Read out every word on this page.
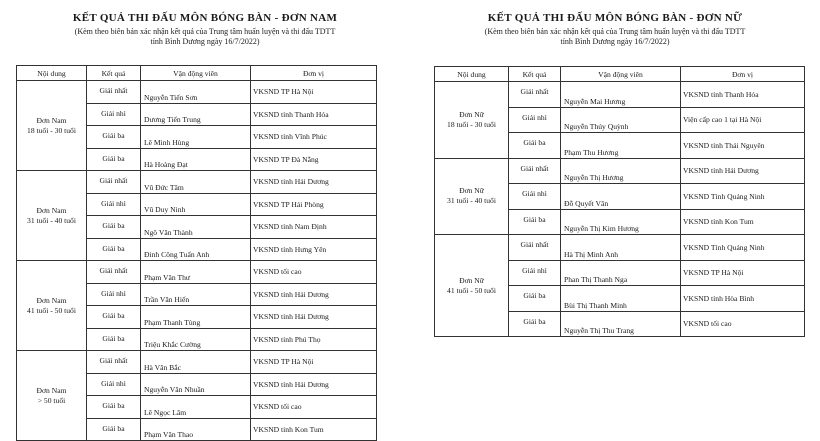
KẾT QUẢ THI ĐẤU MÔN BÓNG BÀN - ĐƠN NAM
(Kèm theo biên bản xác nhận kết quả của Trung tâm huấn luyện và thi đấu TDTT
tỉnh Bình Dương ngày 16/7/2022)
Nội dung	Kết quả	Vận động viên	Đơn vị

Đơn Nam
18 tuổi - 30 tuổi	Giải nhất	Nguyễn Tiến Sơn	VKSND TP Hà Nội
	Giải nhì	Dương Tiến Trung	VKSND tỉnh Thanh Hóa
	Giải ba	Lê Minh Hùng	VKSND tỉnh Vĩnh Phúc
	Giải ba	Hà Hoàng Đạt	VKSND TP Đà Nẵng

Đơn Nam
31 tuổi - 40 tuổi	Giải nhất	Vũ Đức Tâm	VKSND tỉnh Hải Dương
	Giải nhì	Vũ Duy Ninh	VKSND TP Hải Phòng
	Giải ba	Ngô Văn Thành	VKSND tỉnh Nam Định
	Giải ba	Đinh Công Tuấn Anh	VKSND tỉnh Hưng Yên

Đơn Nam
41 tuổi - 50 tuổi	Giải nhất	Phạm Văn Thư	VKSND tối cao
	Giải nhì	Trần Văn Hiến	VKSND tỉnh Hải Dương
	Giải ba	Phạm Thanh Tùng	VKSND tỉnh Hải Dương
	Giải ba	Triệu Khắc Cường	VKSND tỉnh Phú Thọ

Đơn Nam
> 50 tuổi	Giải nhất	Hà Văn Bắc	VKSND TP Hà Nội
	Giải nhì	Nguyễn Văn Nhuần	VKSND tỉnh Hải Dương
	Giải ba	Lê Ngọc Lâm	VKSND tối cao
	Giải ba	Phạm Văn Thao	VKSND tỉnh Kon Tum
KẾT QUẢ THI ĐẤU MÔN BÓNG BÀN - ĐƠN NỮ
(Kèm theo biên bản xác nhận kết quả của Trung tâm huấn luyện và thi đấu TDTT
tỉnh Bình Dương ngày 16/7/2022)
Nội dung	Kết quả	Vận động viên	Đơn vị

Đơn Nữ
18 tuổi - 30 tuổi	Giải nhất	Nguyễn Mai Hương	VKSND tỉnh Thanh Hóa
	Giải nhì	Nguyễn Thúy Quỳnh	Viện cấp cao 1 tại Hà Nội
	Giải ba	Phạm Thu Hương	VKSND tỉnh Thái Nguyên

Đơn Nữ
31 tuổi - 40 tuổi	Giải nhất	Nguyễn Thị Hương	VKSND tỉnh Hải Dương
	Giải nhì	Đỗ Quyết Vân	VKSND Tỉnh Quảng Ninh
	Giải ba	Nguyễn Thị Kim Hương	VKSND tỉnh Kon Tum

Đơn Nữ
41 tuổi - 50 tuổi	Giải nhất	Hà Thị Minh Anh	VKSND Tỉnh Quảng Ninh
	Giải nhì	Phan Thị Thanh Nga	VKSND TP Hà Nội
	Giải ba	Bùi Thị Thanh Minh	VKSND tỉnh Hòa Bình
	Giải ba	Nguyễn Thị Thu Trang	VKSND tối cao
